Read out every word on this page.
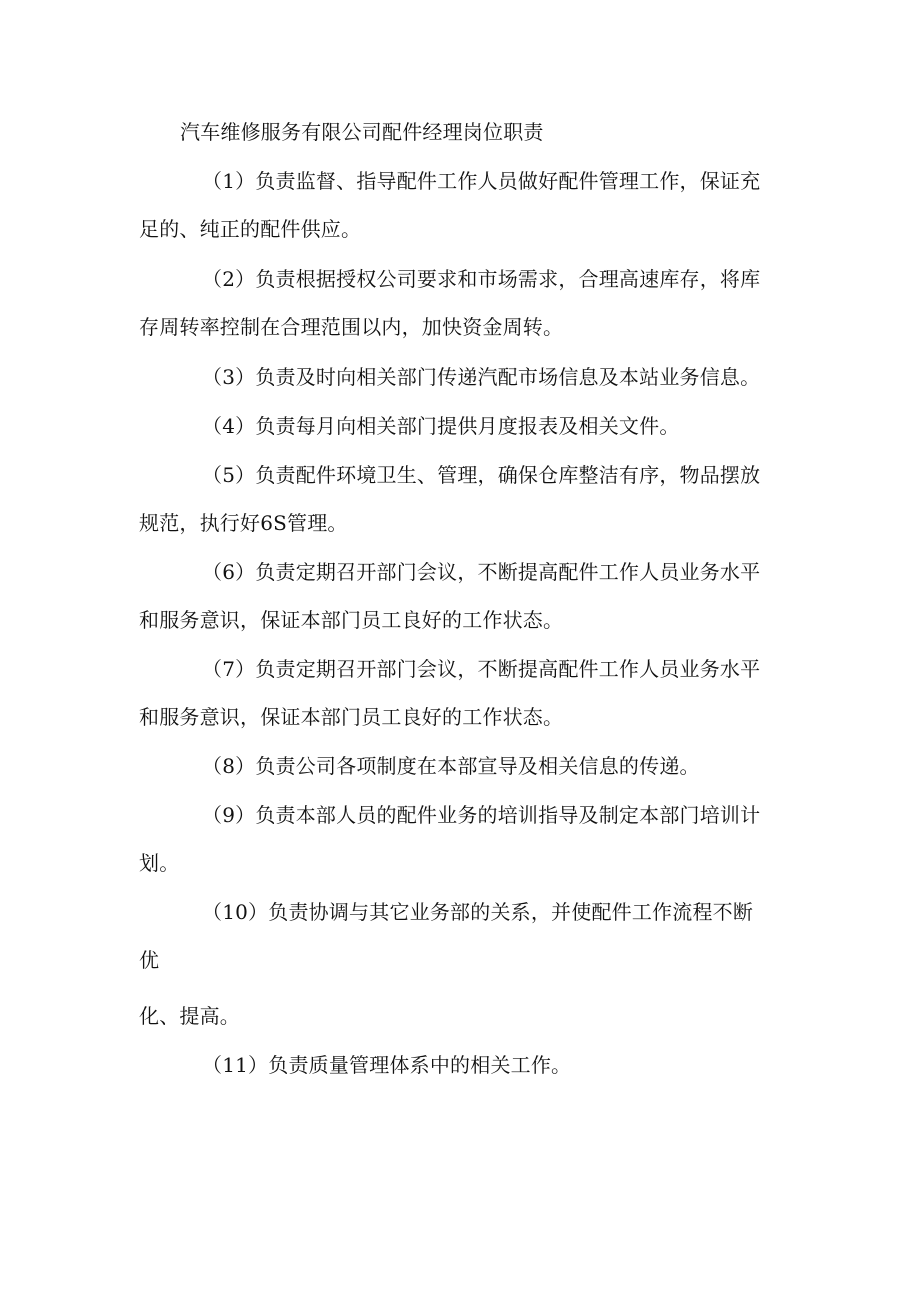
汽车维修服务有限公司配件经理岗位职责
（1）负责监督、指导配件工作人员做好配件管理工作，保证充
足的、纯正的配件供应。
（2）负责根据授权公司要求和市场需求，合理高速库存，将库
存周转率控制在合理范围以内，加快资金周转。
（3）负责及时向相关部门传递汽配市场信息及本站业务信息。
（4）负责每月向相关部门提供月度报表及相关文件。
（5）负责配件环境卫生、管理，确保仓库整洁有序，物品摆放
规范，执行好6S管理。
（6）负责定期召开部门会议，不断提高配件工作人员业务水平
和服务意识，保证本部门员工良好的工作状态。
（7）负责定期召开部门会议，不断提高配件工作人员业务水平
和服务意识，保证本部门员工良好的工作状态。
（8）负责公司各项制度在本部宣导及相关信息的传递。
（9）负责本部人员的配件业务的培训指导及制定本部门培训计
划。
（10）负责协调与其它业务部的关系，并使配件工作流程不断
优
化、提高。
（11）负责质量管理体系中的相关工作。
